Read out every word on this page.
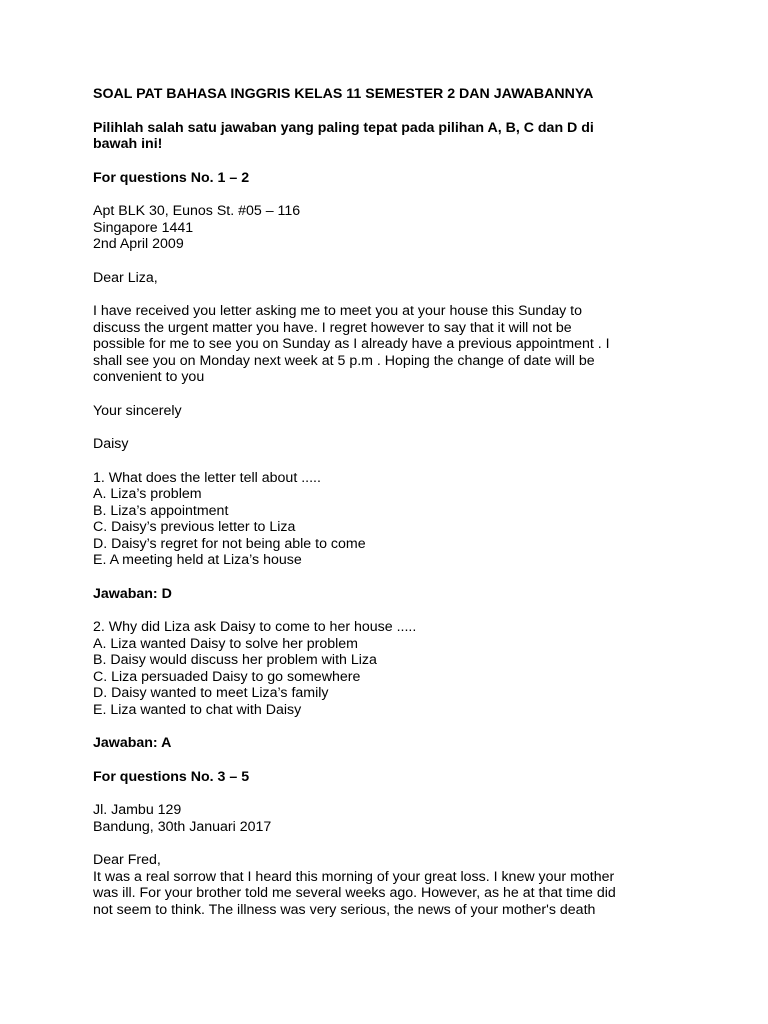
SOAL PAT BAHASA INGGRIS KELAS 11 SEMESTER 2 DAN JAWABANNYA

Pilihlah salah satu jawaban yang paling tepat pada pilihan A, B, C dan D di

bawah ini!

For questions No. 1 – 2

Apt BLK 30, Eunos St. #05 – 116

Singapore 1441

2nd April 2009

Dear Liza,

I have received you letter asking me to meet you at your house this Sunday to

discuss the urgent matter you have. I regret however to say that it will not be

possible for me to see you on Sunday as I already have a previous appointment . I

shall see you on Monday next week at 5 p.m . Hoping the change of date will be

convenient to you

Your sincerely

Daisy

1. What does the letter tell about .....

A. Liza’s problem

B. Liza’s appointment

C. Daisy’s previous letter to Liza

D. Daisy’s regret for not being able to come

E. A meeting held at Liza’s house

Jawaban: D

2. Why did Liza ask Daisy to come to her house .....

A. Liza wanted Daisy to solve her problem

B. Daisy would discuss her problem with Liza

C. Liza persuaded Daisy to go somewhere

D. Daisy wanted to meet Liza’s family

E. Liza wanted to chat with Daisy

Jawaban: A

For questions No. 3 – 5

Jl. Jambu 129

Bandung, 30th Januari 2017

Dear Fred,

It was a real sorrow that I heard this morning of your great loss. I knew your mother

was ill. For your brother told me several weeks ago. However, as he at that time did

not seem to think. The illness was very serious, the news of your mother's death
